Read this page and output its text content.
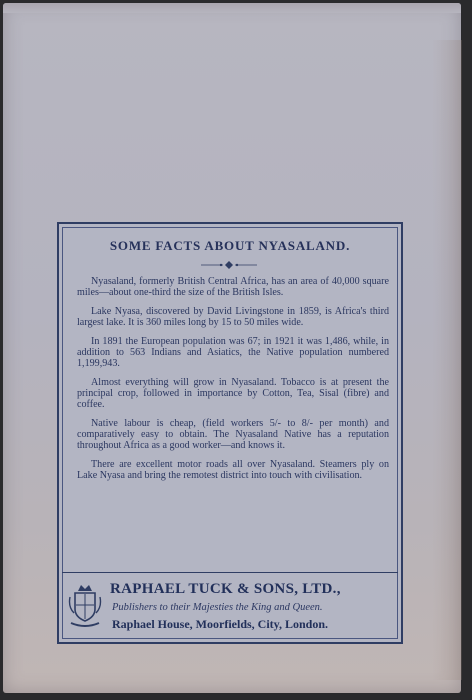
SOME FACTS ABOUT NYASALAND.

Nyasaland, formerly British Central Africa, has an area of 40,000 square miles—about one-third the size of the British Isles.

Lake Nyasa, discovered by David Livingstone in 1859, is Africa's third largest lake. It is 360 miles long by 15 to 50 miles wide.

In 1891 the European population was 67; in 1921 it was 1,486, while, in addition to 563 Indians and Asiatics, the Native population numbered 1,199,943.

Almost everything will grow in Nyasaland. Tobacco is at present the principal crop, followed in importance by Cotton, Tea, Sisal (fibre) and coffee.

Native labour is cheap, (field workers 5/- to 8/- per month) and comparatively easy to obtain. The Nyasaland Native has a reputation throughout Africa as a good worker—and knows it.

There are excellent motor roads all over Nyasaland. Steamers ply on Lake Nyasa and bring the remotest district into touch with civilisation.

RAPHAEL TUCK & SONS, LTD.,
Publishers to their Majesties the King and Queen.
Raphael House, Moorfields, City, London.
